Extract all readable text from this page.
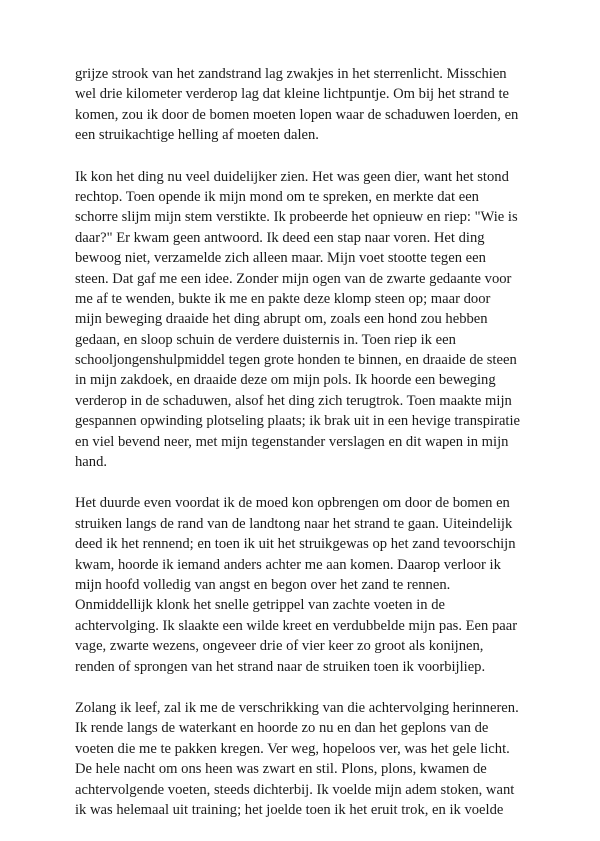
grijze strook van het zandstrand lag zwakjes in het sterrenlicht. Misschien
wel drie kilometer verderop lag dat kleine lichtpuntje. Om bij het strand te
komen, zou ik door de bomen moeten lopen waar de schaduwen loerden, en
een struikachtige helling af moeten dalen.
Ik kon het ding nu veel duidelijker zien. Het was geen dier, want het stond
rechtop. Toen opende ik mijn mond om te spreken, en merkte dat een
schorre slijm mijn stem verstikte. Ik probeerde het opnieuw en riep: "Wie is
daar?" Er kwam geen antwoord. Ik deed een stap naar voren. Het ding
bewoog niet, verzamelde zich alleen maar. Mijn voet stootte tegen een
steen. Dat gaf me een idee. Zonder mijn ogen van de zwarte gedaante voor
me af te wenden, bukte ik me en pakte deze klomp steen op; maar door
mijn beweging draaide het ding abrupt om, zoals een hond zou hebben
gedaan, en sloop schuin de verdere duisternis in. Toen riep ik een
schooljongenshulpmiddel tegen grote honden te binnen, en draaide de steen
in mijn zakdoek, en draaide deze om mijn pols. Ik hoorde een beweging
verderop in de schaduwen, alsof het ding zich terugtrok. Toen maakte mijn
gespannen opwinding plotseling plaats; ik brak uit in een hevige transpiratie
en viel bevend neer, met mijn tegenstander verslagen en dit wapen in mijn
hand.
Het duurde even voordat ik de moed kon opbrengen om door de bomen en
struiken langs de rand van de landtong naar het strand te gaan. Uiteindelijk
deed ik het rennend; en toen ik uit het struikgewas op het zand tevoorschijn
kwam, hoorde ik iemand anders achter me aan komen. Daarop verloor ik
mijn hoofd volledig van angst en begon over het zand te rennen.
Onmiddellijk klonk het snelle getrippel van zachte voeten in de
achtervolging. Ik slaakte een wilde kreet en verdubbelde mijn pas. Een paar
vage, zwarte wezens, ongeveer drie of vier keer zo groot als konijnen,
renden of sprongen van het strand naar de struiken toen ik voorbijliep.
Zolang ik leef, zal ik me de verschrikking van die achtervolging herinneren.
Ik rende langs de waterkant en hoorde zo nu en dan het geplons van de
voeten die me te pakken kregen. Ver weg, hopeloos ver, was het gele licht.
De hele nacht om ons heen was zwart en stil. Plons, plons, kwamen de
achtervolgende voeten, steeds dichterbij. Ik voelde mijn adem stoken, want
ik was helemaal uit training; het joelde toen ik het eruit trok, en ik voelde
